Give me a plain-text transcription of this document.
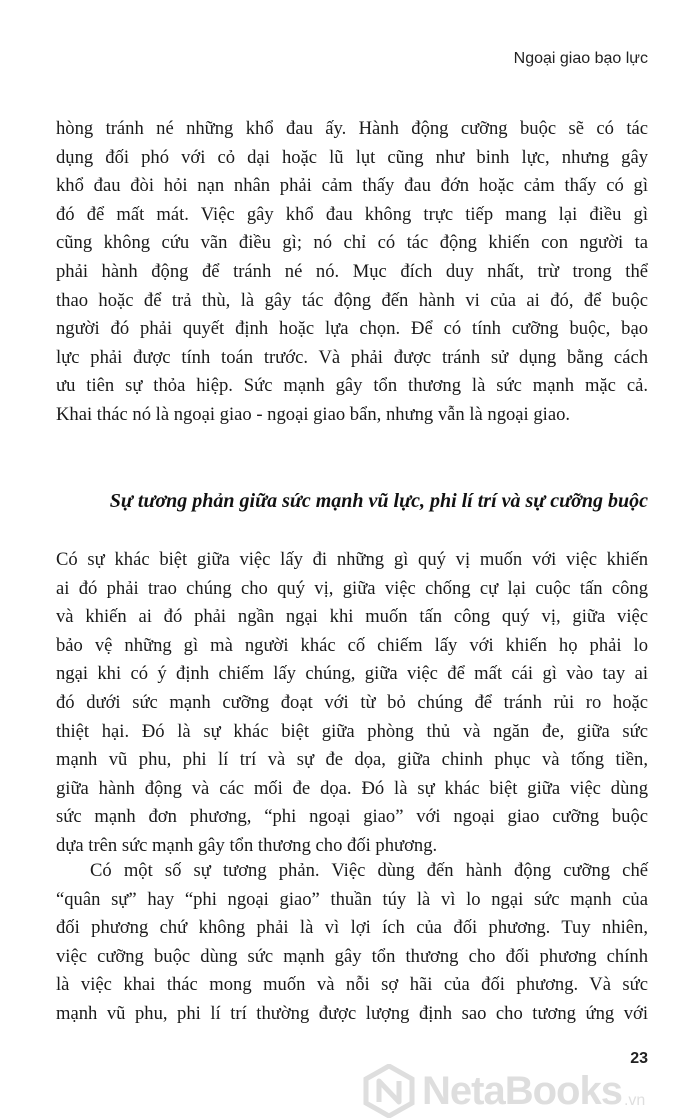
Ngoại giao bạo lực

hòng tránh né những khổ đau ấy. Hành động cưỡng buộc sẽ có tác
dụng đối phó với cỏ dại hoặc lũ lụt cũng như binh lực, nhưng gây
khổ đau đòi hỏi nạn nhân phải cảm thấy đau đớn hoặc cảm thấy có gì
đó để mất mát. Việc gây khổ đau không trực tiếp mang lại điều gì
cũng không cứu vãn điều gì; nó chỉ có tác động khiến con người ta
phải hành động để tránh né nó. Mục đích duy nhất, trừ trong thể
thao hoặc để trả thù, là gây tác động đến hành vi của ai đó, để buộc
người đó phải quyết định hoặc lựa chọn. Để có tính cưỡng buộc, bạo
lực phải được tính toán trước. Và phải được tránh sử dụng bằng cách
ưu tiên sự thỏa hiệp. Sức mạnh gây tổn thương là sức mạnh mặc cả.
Khai thác nó là ngoại giao - ngoại giao bẩn, nhưng vẫn là ngoại giao.

Sự tương phản giữa sức mạnh vũ lực, phi lí trí và sự cưỡng buộc

Có sự khác biệt giữa việc lấy đi những gì quý vị muốn với việc khiến
ai đó phải trao chúng cho quý vị, giữa việc chống cự lại cuộc tấn công
và khiến ai đó phải ngần ngại khi muốn tấn công quý vị, giữa việc
bảo vệ những gì mà người khác cố chiếm lấy với khiến họ phải lo
ngại khi có ý định chiếm lấy chúng, giữa việc để mất cái gì vào tay ai
đó dưới sức mạnh cưỡng đoạt với từ bỏ chúng để tránh rủi ro hoặc
thiệt hại. Đó là sự khác biệt giữa phòng thủ và ngăn đe, giữa sức
mạnh vũ phu, phi lí trí và sự đe dọa, giữa chinh phục và tống tiền,
giữa hành động và các mối đe dọa. Đó là sự khác biệt giữa việc dùng
sức mạnh đơn phương, “phi ngoại giao” với ngoại giao cưỡng buộc
dựa trên sức mạnh gây tổn thương cho đối phương.

Có một số sự tương phản. Việc dùng đến hành động cưỡng chế
“quân sự” hay “phi ngoại giao” thuần túy là vì lo ngại sức mạnh của
đối phương chứ không phải là vì lợi ích của đối phương. Tuy nhiên,
việc cưỡng buộc dùng sức mạnh gây tổn thương cho đối phương chính
là việc khai thác mong muốn và nỗi sợ hãi của đối phương. Và sức
mạnh vũ phu, phi lí trí thường được lượng định sao cho tương ứng với

23
NetaBooks .vn
